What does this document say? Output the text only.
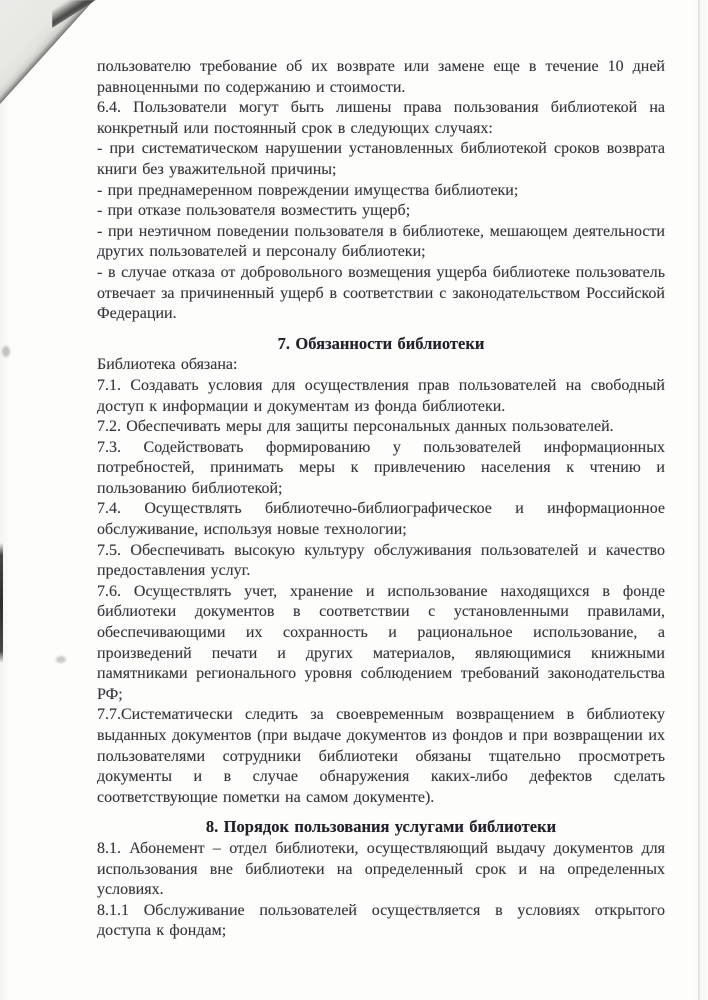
пользователю требование об их возврате или замене еще в течение 10 дней равноценными по содержанию и стоимости.

6.4. Пользователи могут быть лишены права пользования библиотекой на конкретный или постоянный срок в следующих случаях:

- при систематическом нарушении установленных библиотекой сроков возврата книги без уважительной причины;

- при преднамеренном повреждении имущества библиотеки;

- при отказе пользователя возместить ущерб;

- при неэтичном поведении пользователя в библиотеке, мешающем деятельности других пользователей и персоналу библиотеки;

- в случае отказа от добровольного возмещения ущерба библиотеке пользователь отвечает за причиненный ущерб в соответствии с законодательством Российской Федерации.

7. Обязанности библиотеки

Библиотека обязана:

7.1. Создавать условия для осуществления прав пользователей на свободный доступ к информации и документам из фонда библиотеки.

7.2. Обеспечивать меры для защиты персональных данных пользователей.

7.3. Содействовать формированию у пользователей информационных потребностей, принимать меры к привлечению населения к чтению и пользованию библиотекой;

7.4. Осуществлять библиотечно-библиографическое и информационное обслуживание, используя новые технологии;

7.5. Обеспечивать высокую культуру обслуживания пользователей и качество предоставления услуг.

7.6. Осуществлять учет, хранение и использование находящихся в фонде библиотеки документов в соответствии с установленными правилами, обеспечивающими их сохранность и рациональное использование, а произведений печати и других материалов, являющимися книжными памятниками регионального уровня соблюдением требований законодательства РФ;

7.7.Систематически следить за своевременным возвращением в библиотеку выданных документов (при выдаче документов из фондов и при возвращении их пользователями сотрудники библиотеки обязаны тщательно просмотреть документы и в случае обнаружения каких-либо дефектов сделать соответствующие пометки на самом документе).

8. Порядок пользования услугами библиотеки

8.1. Абонемент – отдел библиотеки, осуществляющий выдачу документов для использования вне библиотеки на определенный срок и на определенных условиях.

8.1.1 Обслуживание пользователей осуществляется в условиях открытого доступа к фондам;
